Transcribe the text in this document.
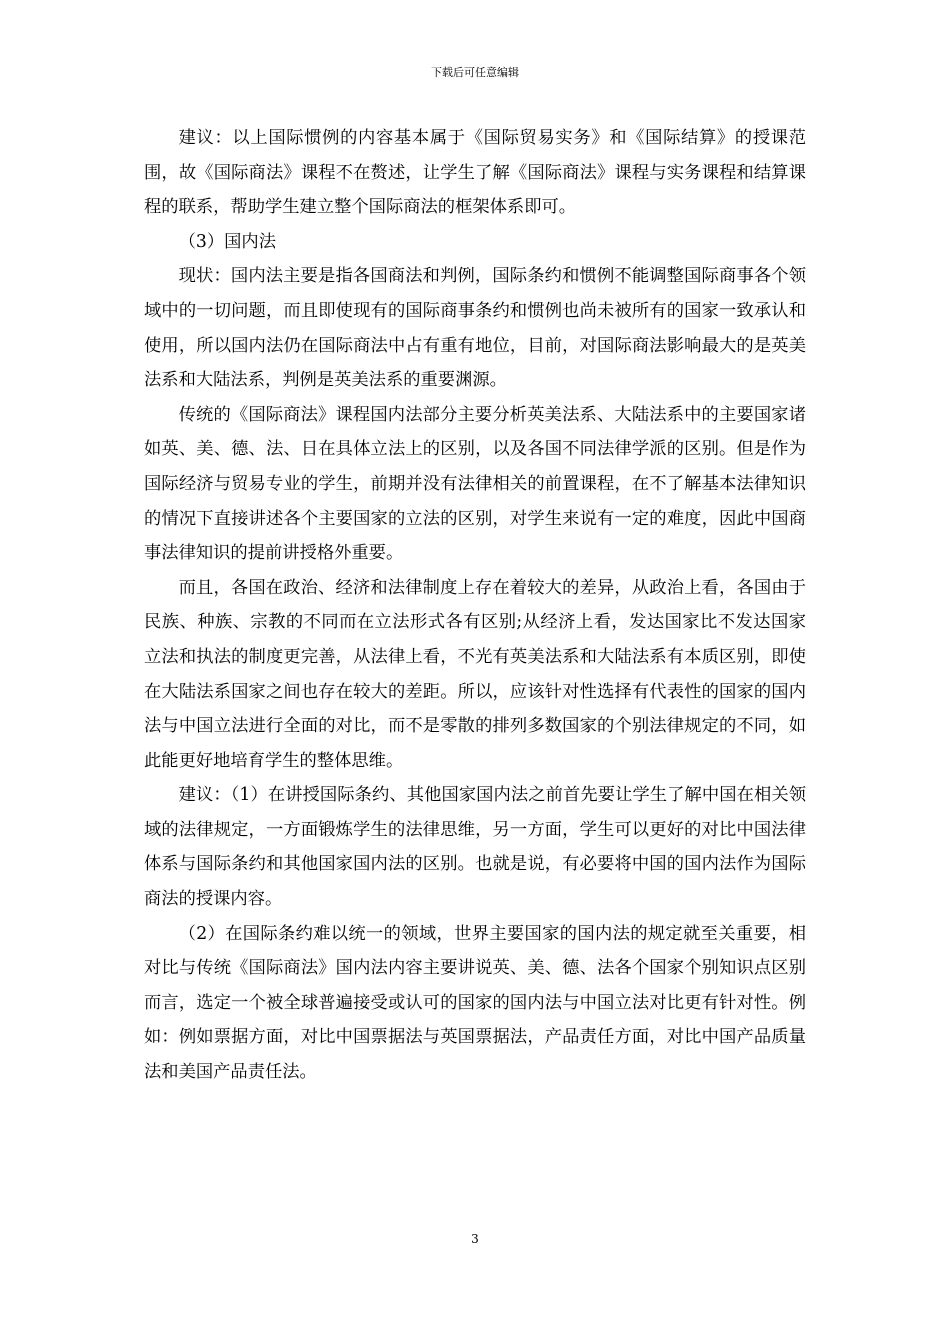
下载后可任意编辑

建议：以上国际惯例的内容基本属于《国际贸易实务》和《国际结算》的授课范围，故《国际商法》课程不在赘述，让学生了解《国际商法》课程与实务课程和结算课程的联系，帮助学生建立整个国际商法的框架体系即可。

（3）国内法

现状：国内法主要是指各国商法和判例，国际条约和惯例不能调整国际商事各个领域中的一切问题，而且即使现有的国际商事条约和惯例也尚未被所有的国家一致承认和使用，所以国内法仍在国际商法中占有重有地位，目前，对国际商法影响最大的是英美法系和大陆法系，判例是英美法系的重要渊源。

传统的《国际商法》课程国内法部分主要分析英美法系、大陆法系中的主要国家诸如英、美、德、法、日在具体立法上的区别，以及各国不同法律学派的区别。但是作为国际经济与贸易专业的学生，前期并没有法律相关的前置课程，在不了解基本法律知识的情况下直接讲述各个主要国家的立法的区别，对学生来说有一定的难度，因此中国商事法律知识的提前讲授格外重要。

而且，各国在政治、经济和法律制度上存在着较大的差异，从政治上看，各国由于民族、种族、宗教的不同而在立法形式各有区别;从经济上看，发达国家比不发达国家立法和执法的制度更完善，从法律上看，不光有英美法系和大陆法系有本质区别，即使在大陆法系国家之间也存在较大的差距。所以，应该针对性选择有代表性的国家的国内法与中国立法进行全面的对比，而不是零散的排列多数国家的个别法律规定的不同，如此能更好地培育学生的整体思维。

建议：（1）在讲授国际条约、其他国家国内法之前首先要让学生了解中国在相关领域的法律规定，一方面锻炼学生的法律思维，另一方面，学生可以更好的对比中国法律体系与国际条约和其他国家国内法的区别。也就是说，有必要将中国的国内法作为国际商法的授课内容。

（2）在国际条约难以统一的领域，世界主要国家的国内法的规定就至关重要，相对比与传统《国际商法》国内法内容主要讲说英、美、德、法各个国家个别知识点区别而言，选定一个被全球普遍接受或认可的国家的国内法与中国立法对比更有针对性。例如：例如票据方面，对比中国票据法与英国票据法，产品责任方面，对比中国产品质量法和美国产品责任法。

3
